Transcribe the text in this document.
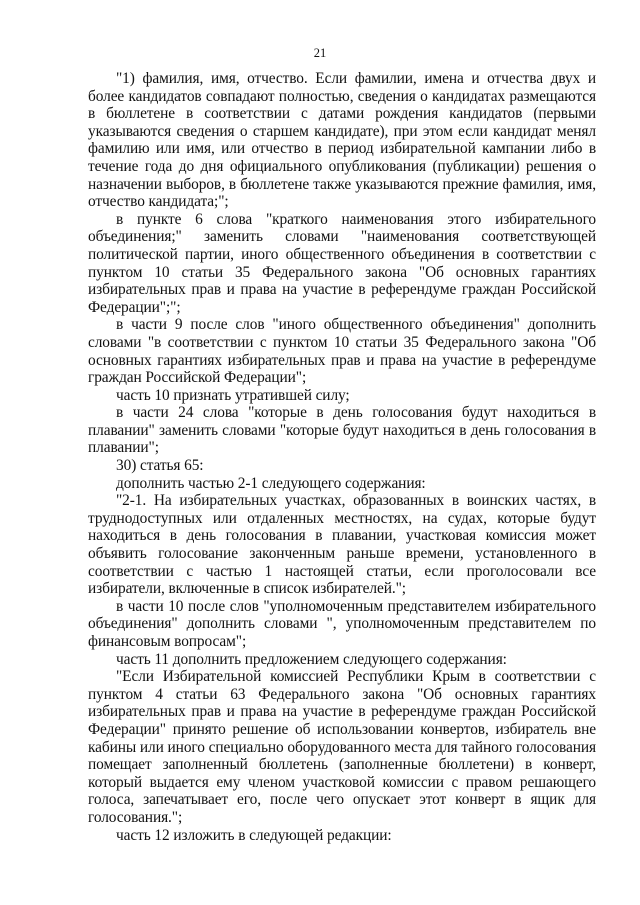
21

"1) фамилия, имя, отчество. Если фамилии, имена и отчества двух и более кандидатов совпадают полностью, сведения о кандидатах размещаются в бюллетене в соответствии с датами рождения кандидатов (первыми указываются сведения о старшем кандидате), при этом если кандидат менял фамилию или имя, или отчество в период избирательной кампании либо в течение года до дня официального опубликования (публикации) решения о назначении выборов, в бюллетене также указываются прежние фамилия, имя, отчество кандидата;";

в пункте 6 слова "краткого наименования этого избирательного объединения;" заменить словами "наименования соответствующей политической партии, иного общественного объединения в соответствии с пунктом 10 статьи 35 Федерального закона "Об основных гарантиях избирательных прав и права на участие в референдуме граждан Российской Федерации";";

в части 9 после слов "иного общественного объединения" дополнить словами "в соответствии с пунктом 10 статьи 35 Федерального закона "Об основных гарантиях избирательных прав и права на участие в референдуме граждан Российской Федерации";

часть 10 признать утратившей силу;

в части 24 слова "которые в день голосования будут находиться в плавании" заменить словами "которые будут находиться в день голосования в плавании";

30) статья 65:

дополнить частью 2-1 следующего содержания:

"2-1. На избирательных участках, образованных в воинских частях, в труднодоступных или отдаленных местностях, на судах, которые будут находиться в день голосования в плавании, участковая комиссия может объявить голосование законченным раньше времени, установленного в соответствии с частью 1 настоящей статьи, если проголосовали все избиратели, включенные в список избирателей.";

в части 10 после слов "уполномоченным представителем избирательного объединения" дополнить словами ", уполномоченным представителем по финансовым вопросам";

часть 11 дополнить предложением следующего содержания:

"Если Избирательной комиссией Республики Крым в соответствии с пунктом 4 статьи 63 Федерального закона "Об основных гарантиях избирательных прав и права на участие в референдуме граждан Российской Федерации" принято решение об использовании конвертов, избиратель вне кабины или иного специально оборудованного места для тайного голосования помещает заполненный бюллетень (заполненные бюллетени) в конверт, который выдается ему членом участковой комиссии с правом решающего голоса, запечатывает его, после чего опускает этот конверт в ящик для голосования.";

часть 12 изложить в следующей редакции:
